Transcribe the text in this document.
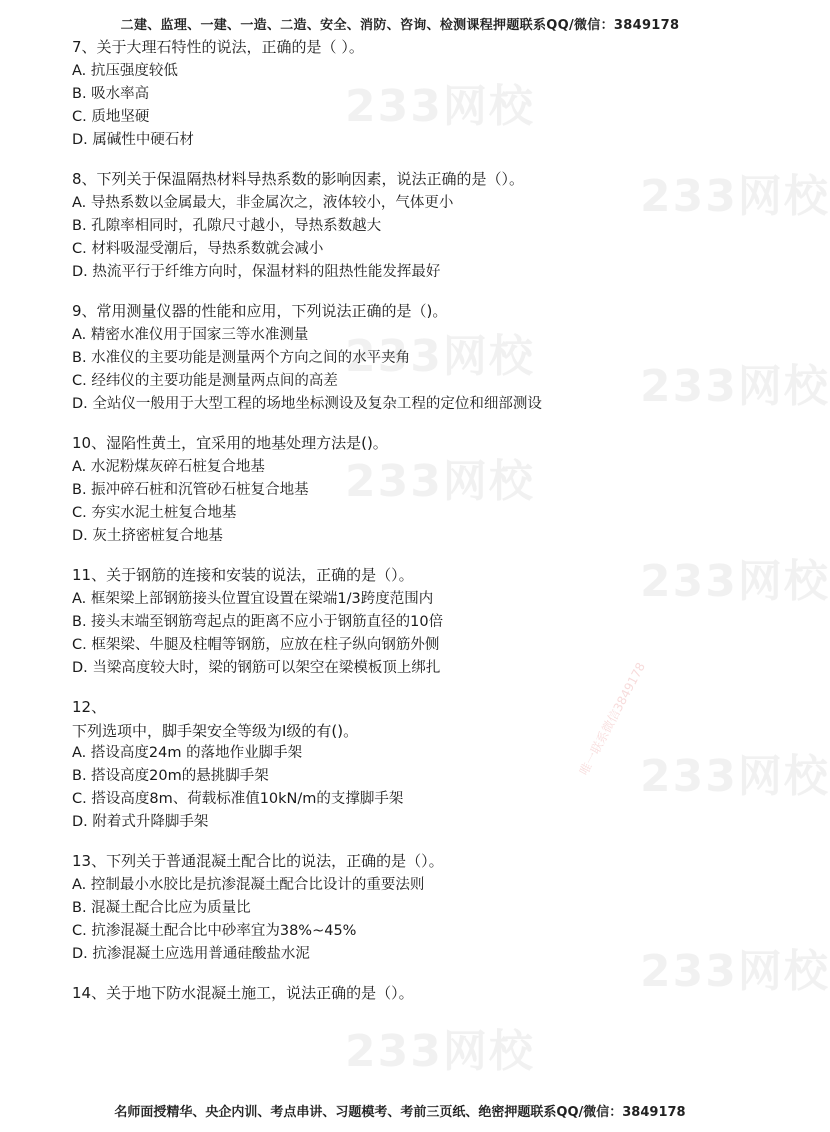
233网校
233网校
233网校
233网校
233网校
233网校
233网校
233网校
233网校
唯一联系微信3849178
二建、监理、一建、一造、二造、安全、消防、咨询、检测课程押题联系QQ/微信：3849178
7、关于大理石特性的说法，正确的是（ ）。
A. 抗压强度较低
B. 吸水率高
C. 质地坚硬
D. 属碱性中硬石材
8、下列关于保温隔热材料导热系数的影响因素，说法正确的是（）。
A. 导热系数以金属最大，非金属次之，液体较小，气体更小
B. 孔隙率相同时，孔隙尺寸越小，导热系数越大
C. 材料吸湿受潮后，导热系数就会减小
D. 热流平行于纤维方向时，保温材料的阻热性能发挥最好
9、常用测量仪器的性能和应用，下列说法正确的是（)。
A. 精密水准仪用于国家三等水准测量
B. 水准仪的主要功能是测量两个方向之间的水平夹角
C. 经纬仪的主要功能是测量两点间的高差
D. 全站仪一般用于大型工程的场地坐标测设及复杂工程的定位和细部测设
10、湿陷性黄土，宜采用的地基处理方法是()。
A. 水泥粉煤灰碎石桩复合地基
B. 振冲碎石桩和沉管砂石桩复合地基
C. 夯实水泥土桩复合地基
D. 灰土挤密桩复合地基
11、关于钢筋的连接和安装的说法，正确的是（）。
A. 框架梁上部钢筋接头位置宜设置在梁端1/3跨度范围内
B. 接头末端至钢筋弯起点的距离不应小于钢筋直径的10倍
C. 框架梁、牛腿及柱帽等钢筋，应放在柱子纵向钢筋外侧
D. 当梁高度较大时，梁的钢筋可以架空在梁模板顶上绑扎
12、
下列选项中，脚手架安全等级为Ⅰ级的有()。
A. 搭设高度24m 的落地作业脚手架
B. 搭设高度20m的悬挑脚手架
C. 搭设高度8m、荷载标准值10kN/m的支撑脚手架
D. 附着式升降脚手架
13、下列关于普通混凝土配合比的说法，正确的是（）。
A. 控制最小水胶比是抗渗混凝土配合比设计的重要法则
B. 混凝土配合比应为质量比
C. 抗渗混凝土配合比中砂率宜为38%~45%
D. 抗渗混凝土应选用普通硅酸盐水泥
14、关于地下防水混凝土施工，说法正确的是（）。
名师面授精华、央企内训、考点串讲、习题模考、考前三页纸、绝密押题联系QQ/微信：3849178
